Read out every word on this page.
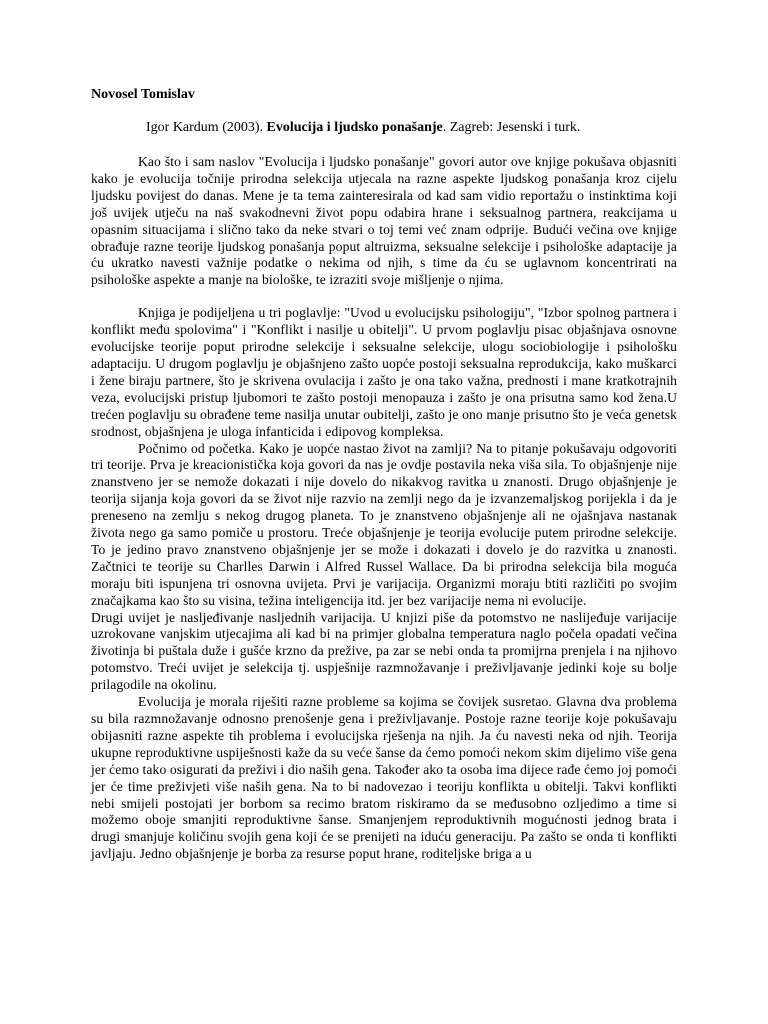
Novosel Tomislav

Igor Kardum (2003). Evolucija i ljudsko ponašanje. Zagreb: Jesenski i turk.

Kao što i sam naslov "Evolucija i ljudsko ponašanje" govori autor ove knjige pokušava objasniti kako je evolucija točnije prirodna selekcija utjecala na razne aspekte ljudskog ponašanja kroz cijelu ljudsku povijest do danas. Mene je ta tema zainteresirala od kad sam vidio reportažu o instinktima koji još uvijek utječu na naš svakodnevni život popu odabira hrane i seksualnog partnera, reakcijama u opasnim situacijama i slično tako da neke stvari o toj temi već znam odprije. Budući večina ove knjige obrađuje razne teorije ljudskog ponašanja poput altruizma, seksualne selekcije i psihološke adaptacije ja ću ukratko navesti važnije podatke o nekima od njih, s time da ću se uglavnom koncentrirati na psihološke aspekte a manje na biološke, te izraziti svoje mišljenje o njima.

Knjiga je podijeljena u tri poglavlje: "Uvod u evolucijsku psihologiju", "Izbor spolnog partnera i konflikt među spolovima" i "Konflikt i nasilje u obitelji". U prvom poglavlju pisac objašnjava osnovne evolucijske teorije poput prirodne selekcije i seksualne selekcije, ulogu sociobiologije i psihološku adaptaciju. U drugom poglavlju je objašnjeno zašto uopće postoji seksualna reprodukcija, kako muškarci i žene biraju partnere, što je skrivena ovulacija i zašto je ona tako važna, prednosti i mane kratkotrajnih veza, evolucijski pristup ljubomori te zašto postoji menopauza i zašto je ona prisutna samo kod žena.U trećen poglavlju su obrađene teme nasilja unutar oubitelji, zašto je ono manje prisutno što je veća genetsk srodnost, objašnjena je uloga infanticida i edipovog kompleksa.

Počnimo od početka. Kako je uopće nastao život na zamlji? Na to pitanje pokušavaju odgovoriti tri teorije. Prva je kreacionistička koja govori da nas je ovdje postavila neka viša sila. To objašnjenje nije znanstveno jer se nemože dokazati i nije dovelo do nikakvog ravitka u znanosti. Drugo objašnjenje je teorija sijanja koja govori da se život nije razvio na zemlji nego da je izvanzemaljskog porijekla i da je preneseno na zemlju s nekog drugog planeta. To je znanstveno objašnjenje ali ne ojašnjava nastanak života nego ga samo pomiče u prostoru. Treće objašnjenje je teorija evolucije putem prirodne selekcije. To je jedino pravo znanstveno objašnjenje jer se može i dokazati i dovelo je do razvitka u znanosti. Začtnici te teorije su Charlles Darwin i Alfred Russel Wallace. Da bi prirodna selekcija bila moguća moraju biti ispunjena tri osnovna uvijeta. Prvi je varijacija. Organizmi moraju btiti različiti po svojim značajkama kao što su visina, težina inteligencija itd. jer bez varijacije nema ni evolucije.

Drugi uvijet je nasljeđivanje nasljednih varijacija. U knjizi piše da potomstvo ne naslijeđuje varijacije uzrokovane vanjskim utjecajima ali kad bi na primjer globalna temperatura naglo počela opadati večina životinja bi puštala duže i gušće krzno da prežive, pa zar se nebi onda ta promijrna prenjela i na njihovo potomstvo. Treći uvijet je selekcija tj. uspješnije razmnožavanje i preživljavanje jedinki koje su bolje prilagodile na okolinu.

Evolucija je morala riješiti razne probleme sa kojima se čovijek susretao. Glavna dva problema su bila razmnožavanje odnosno prenošenje gena i preživljavanje. Postoje razne teorije koje pokušavaju obijasniti razne aspekte tih problema i evolucijska rješenja na njih. Ja ću navesti neka od njih. Teorija ukupne reproduktivne uspiješnosti kaže da su veće šanse da ćemo pomoći nekom skim dijelimo više gena jer ćemo tako osigurati da preživi i dio naših gena. Također ako ta osoba ima dijece rađe ćemo joj pomoći jer će time preživjeti više naših gena. Na to bi nadovezao i teoriju konflikta u obitelji. Takvi konflikti nebi smijeli postojati jer borbom sa recimo bratom riskiramo da se međusobno ozljedimo a time si možemo oboje smanjiti reproduktivne šanse. Smanjenjem reproduktivnih mogućnosti jednog brata i drugi smanjuje količinu svojih gena koji će se prenijeti na iduću generaciju. Pa zašto se onda ti konflikti javljaju. Jedno objašnjenje je borba za resurse poput hrane, roditeljske briga a u
